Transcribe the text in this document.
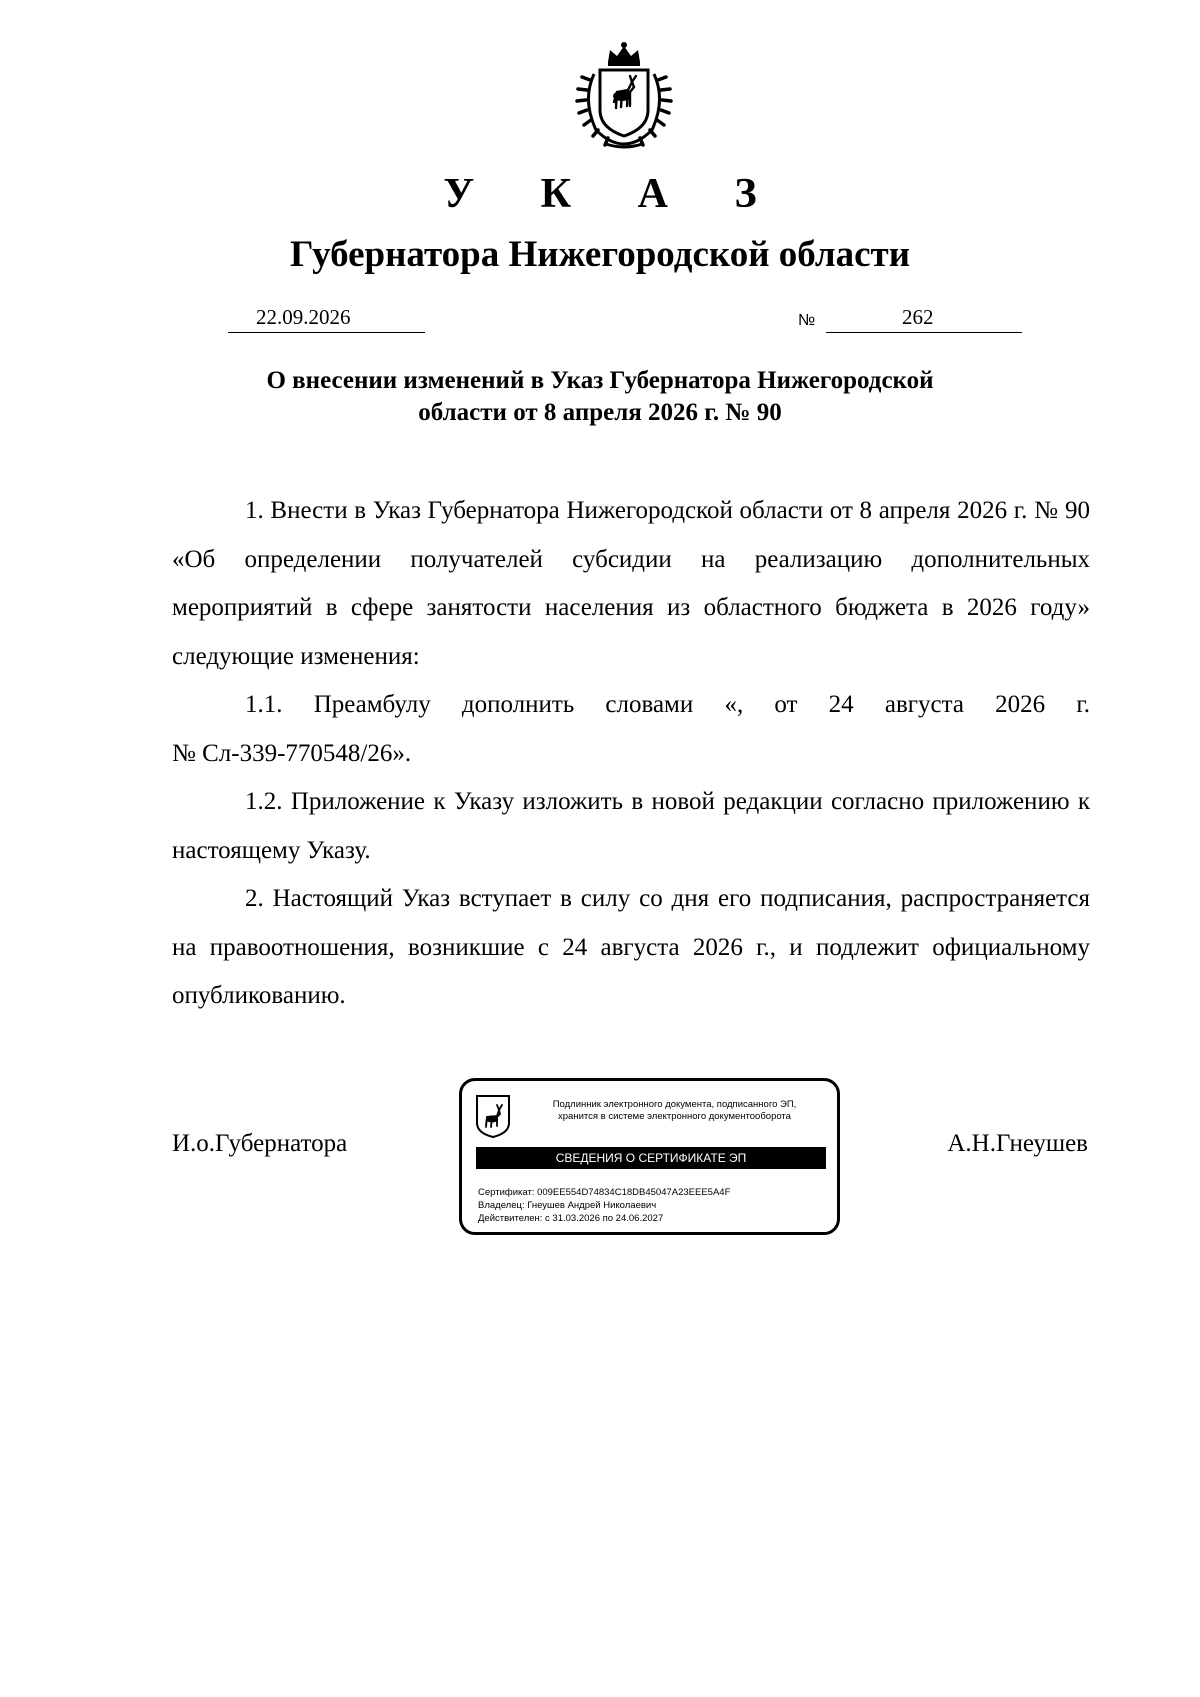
У К А З
Губернатора Нижегородской области
22.09.2026	№	262
О внесении изменений в Указ Губернатора Нижегородской
области от 8 апреля 2026 г. № 90

1. Внести в Указ Губернатора Нижегородской области от 8 апреля 2026 г. № 90 «Об определении получателей субсидии на реализацию дополнительных мероприятий в сфере занятости населения из областного бюджета в 2026 году» следующие изменения:

1.1. Преамбулу дополнить словами «, от 24 августа 2026 г.

№ Сл-339-770548/26».

1.2. Приложение к Указу изложить в новой редакции согласно приложению к настоящему Указу.

2. Настоящий Указ вступает в силу со дня его подписания, распространяется на правоотношения, возникшие с 24 августа 2026 г., и подлежит официальному опубликованию.

И.о.Губернатора	А.Н.Гнеушев
Подлинник электронного документа, подписанного ЭП,
хранится в системе электронного документооборота
СВЕДЕНИЯ О СЕРТИФИКАТЕ ЭП
Сертификат: 009EE554D74834C18DB45047A23EEE5A4F
Владелец: Гнеушев Андрей Николаевич
Действителен: с 31.03.2026 по 24.06.2027
